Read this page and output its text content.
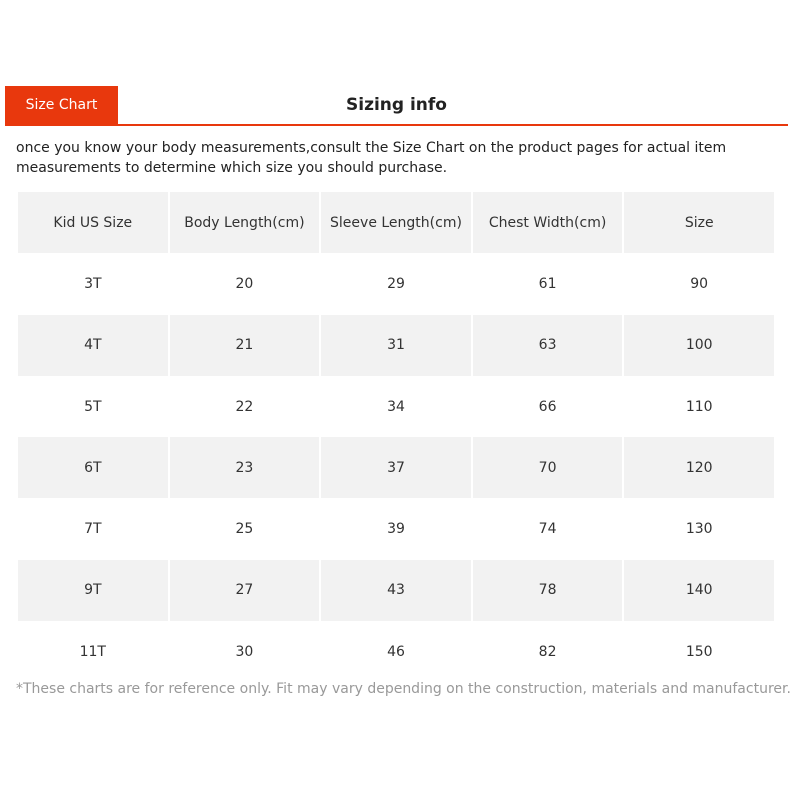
Size Chart	Sizing info

once you know your body measurements,consult the Size Chart on the product pages for actual item measurements to determine which size you should purchase.

Kid US Size	Body Length(cm)	Sleeve Length(cm)	Chest Width(cm)	Size
3T	20	29	61	90
4T	21	31	63	100
5T	22	34	66	110
6T	23	37	70	120
7T	25	39	74	130
9T	27	43	78	140
11T	30	46	82	150

*These charts are for reference only. Fit may vary depending on the construction, materials and manufacturer.
